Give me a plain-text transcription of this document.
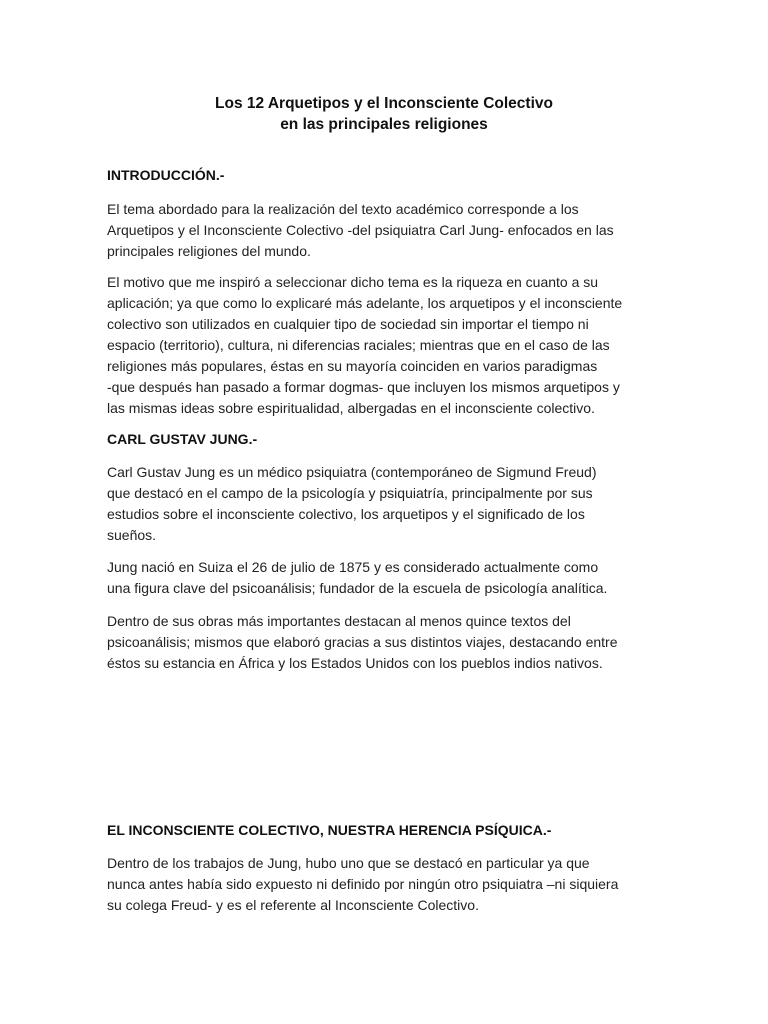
Los 12 Arquetipos y el Inconsciente Colectivo
en las principales religiones
INTRODUCCIÓN.-
El tema abordado para la realización del texto académico corresponde a los
Arquetipos y el Inconsciente Colectivo -del psiquiatra Carl Jung- enfocados en las
principales religiones del mundo.
El motivo que me inspiró a seleccionar dicho tema es la riqueza en cuanto a su
aplicación; ya que como lo explicaré más adelante, los arquetipos y el inconsciente
colectivo son utilizados en cualquier tipo de sociedad sin importar el tiempo ni
espacio (territorio), cultura, ni diferencias raciales; mientras que en el caso de las
religiones más populares, éstas en su mayoría coinciden en varios paradigmas
-que después han pasado a formar dogmas- que incluyen los mismos arquetipos y
las mismas ideas sobre espiritualidad, albergadas en el inconsciente colectivo.
CARL GUSTAV JUNG.-
Carl Gustav Jung es un médico psiquiatra (contemporáneo de Sigmund Freud)
que destacó en el campo de la psicología y psiquiatría, principalmente por sus
estudios sobre el inconsciente colectivo, los arquetipos y el significado de los
sueños.
Jung nació en Suiza el 26 de julio de 1875 y es considerado actualmente como
una figura clave del psicoanálisis; fundador de la escuela de psicología analítica.
Dentro de sus obras más importantes destacan al menos quince textos del
psicoanálisis; mismos que elaboró gracias a sus distintos viajes, destacando entre
éstos su estancia en África y los Estados Unidos con los pueblos indios nativos.
EL INCONSCIENTE COLECTIVO, NUESTRA HERENCIA PSÍQUICA.-
Dentro de los trabajos de Jung, hubo uno que se destacó en particular ya que
nunca antes había sido expuesto ni definido por ningún otro psiquiatra –ni siquiera
su colega Freud- y es el referente al Inconsciente Colectivo.
